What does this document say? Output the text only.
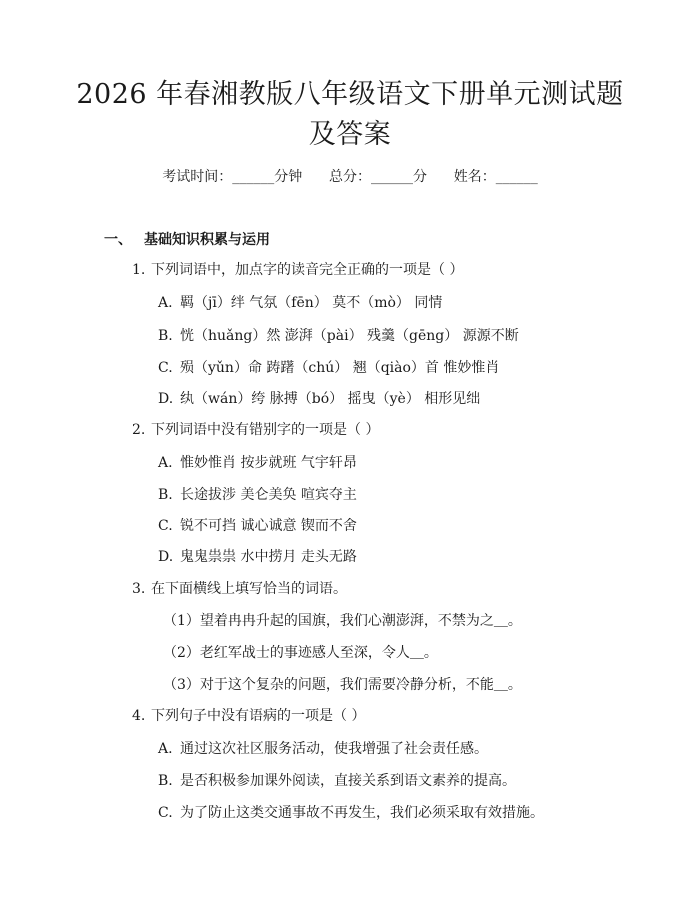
2026 年春湘教版八年级语文下册单元测试题
及答案
考试时间：______分钟      总分：______分      姓名：______
一、 基础知识积累与运用
1. 下列词语中，加点字的读音完全正确的一项是（ ）
A. 羁（jī）绊 气氛（fēn） 莫不（mò） 同情
B. 恍（huǎng）然 澎湃（pài） 残羹（gēng） 源源不断
C. 殒（yǔn）命 踌躇（chú） 翘（qiào）首 惟妙惟肖
D. 纨（wán）绔 脉搏（bó） 摇曳（yè） 相形见绌
2. 下列词语中没有错别字的一项是（ ）
A. 惟妙惟肖 按步就班 气宇轩昂
B. 长途拔涉 美仑美奂 喧宾夺主
C. 锐不可挡 诚心诚意 锲而不舍
D. 鬼鬼祟祟 水中捞月 走头无路
3. 在下面横线上填写恰当的词语。
（1）望着冉冉升起的国旗，我们心潮澎湃，不禁为之＿。
（2）老红军战士的事迹感人至深，令人＿。
（3）对于这个复杂的问题，我们需要冷静分析，不能＿。
4. 下列句子中没有语病的一项是（ ）
A. 通过这次社区服务活动，使我增强了社会责任感。
B. 是否积极参加课外阅读，直接关系到语文素养的提高。
C. 为了防止这类交通事故不再发生，我们必须采取有效措施。
